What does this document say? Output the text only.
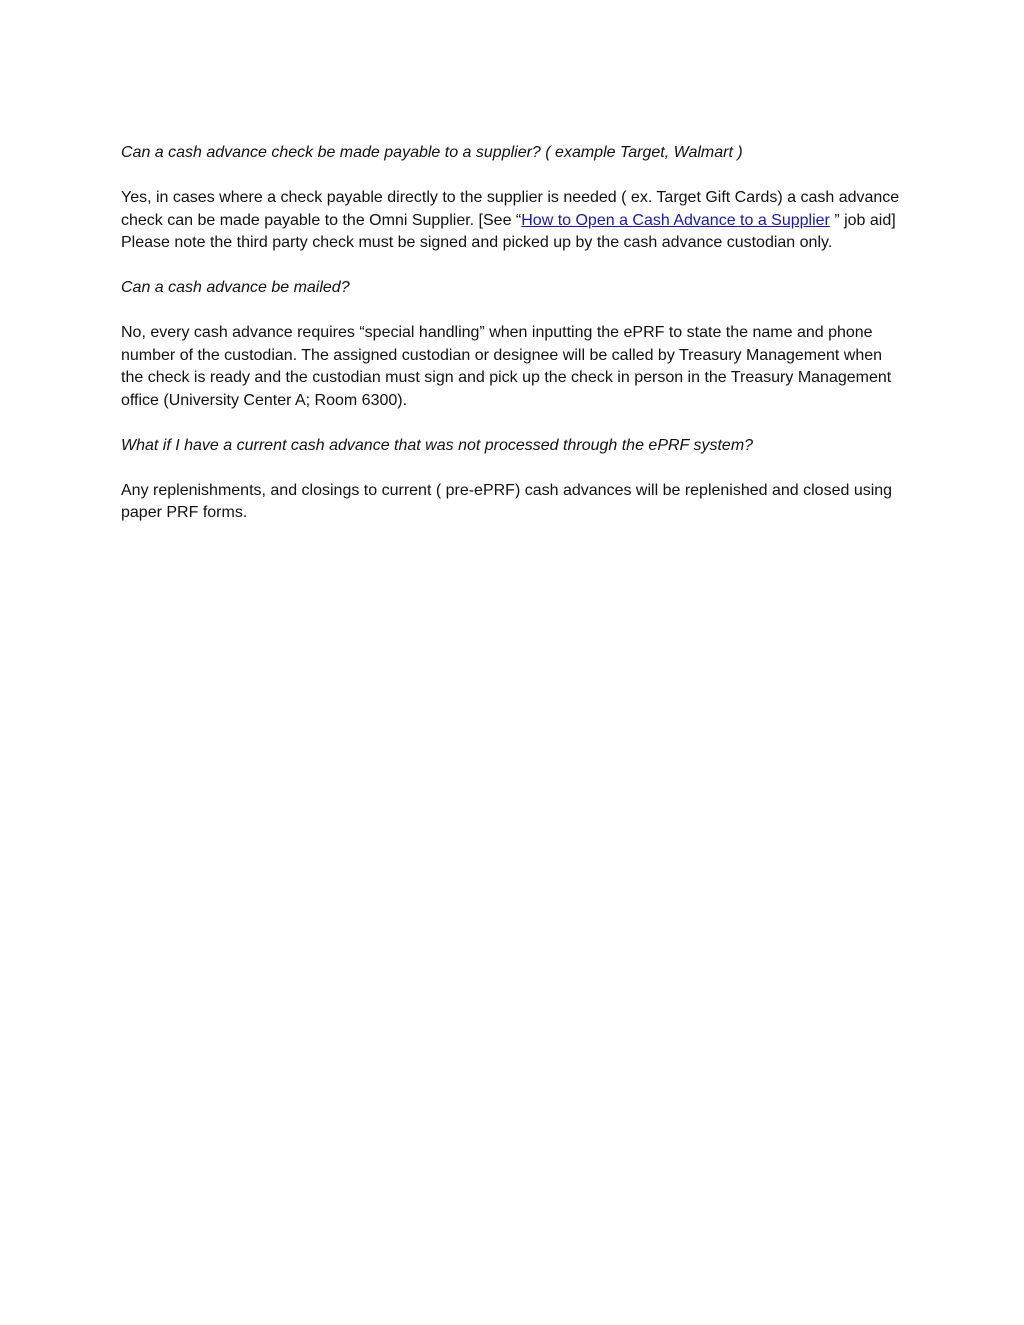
Can a cash advance check be made payable to a supplier? ( example Target, Walmart )

Yes, in cases where a check payable directly to the supplier is needed ( ex. Target Gift Cards) a cash advance check can be made payable to the Omni Supplier. [See “How to Open a Cash Advance to a Supplier ” job aid] Please note the third party check must be signed and picked up by the cash advance custodian only.

Can a cash advance be mailed?

No, every cash advance requires “special handling” when inputting the ePRF to state the name and phone number of the custodian. The assigned custodian or designee will be called by Treasury Management when the check is ready and the custodian must sign and pick up the check in person in the Treasury Management office (University Center A; Room 6300).

What if I have a current cash advance that was not processed through the ePRF system?

Any replenishments, and closings to current ( pre-ePRF) cash advances will be replenished and closed using paper PRF forms.
